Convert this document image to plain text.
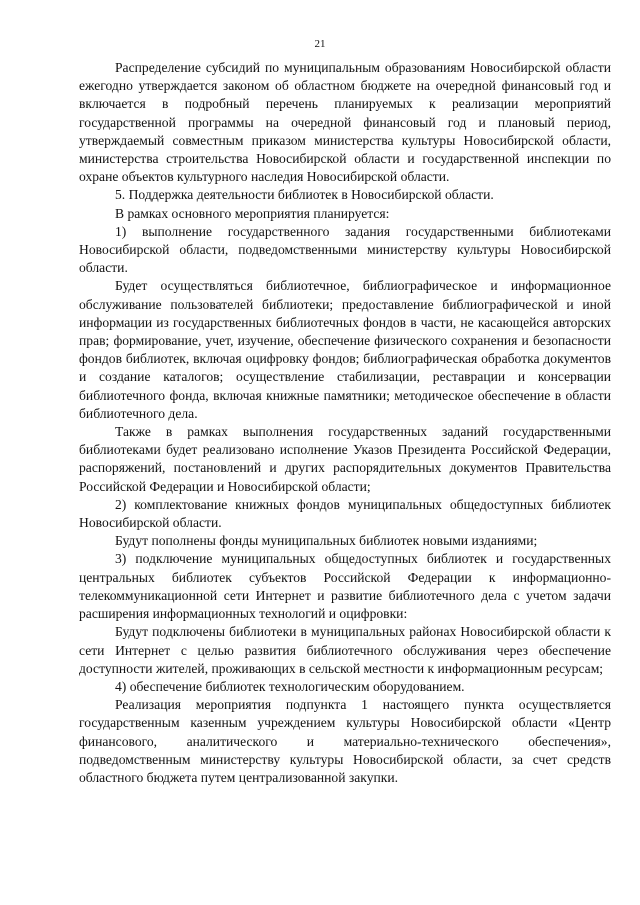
21

Распределение субсидий по муниципальным образованиям Новосибирской области ежегодно утверждается законом об областном бюджете на очередной финансовый год и включается в подробный перечень планируемых к реализации мероприятий государственной программы на очередной финансовый год и плановый период, утверждаемый совместным приказом министерства культуры Новосибирской области, министерства строительства Новосибирской области и государственной инспекции по охране объектов культурного наследия Новосибирской области.

5. Поддержка деятельности библиотек в Новосибирской области.

В рамках основного мероприятия планируется:

1) выполнение государственного задания государственными библиотеками Новосибирской области, подведомственными министерству культуры Новосибирской области.

Будет осуществляться библиотечное, библиографическое и информационное обслуживание пользователей библиотеки; предоставление библиографической и иной информации из государственных библиотечных фондов в части, не касающейся авторских прав; формирование, учет, изучение, обеспечение физического сохранения и безопасности фондов библиотек, включая оцифровку фондов; библиографическая обработка документов и создание каталогов; осуществление стабилизации, реставрации и консервации библиотечного фонда, включая книжные памятники; методическое обеспечение в области библиотечного дела.

Также в рамках выполнения государственных заданий государственными библиотеками будет реализовано исполнение Указов Президента Российской Федерации, распоряжений, постановлений и других распорядительных документов Правительства Российской Федерации и Новосибирской области;

2) комплектование книжных фондов муниципальных общедоступных библиотек Новосибирской области.

Будут пополнены фонды муниципальных библиотек новыми изданиями;

3) подключение муниципальных общедоступных библиотек и государственных центральных библиотек субъектов Российской Федерации к информационно-телекоммуникационной сети Интернет и развитие библиотечного дела с учетом задачи расширения информационных технологий и оцифровки:

Будут подключены библиотеки в муниципальных районах Новосибирской области к сети Интернет с целью развития библиотечного обслуживания через обеспечение доступности жителей, проживающих в сельской местности к информационным ресурсам;

4) обеспечение библиотек технологическим оборудованием.

Реализация мероприятия подпункта 1 настоящего пункта осуществляется государственным казенным учреждением культуры Новосибирской области «Центр финансового, аналитического и материально-технического обеспечения», подведомственным министерству культуры Новосибирской области, за счет средств областного бюджета путем централизованной закупки.
